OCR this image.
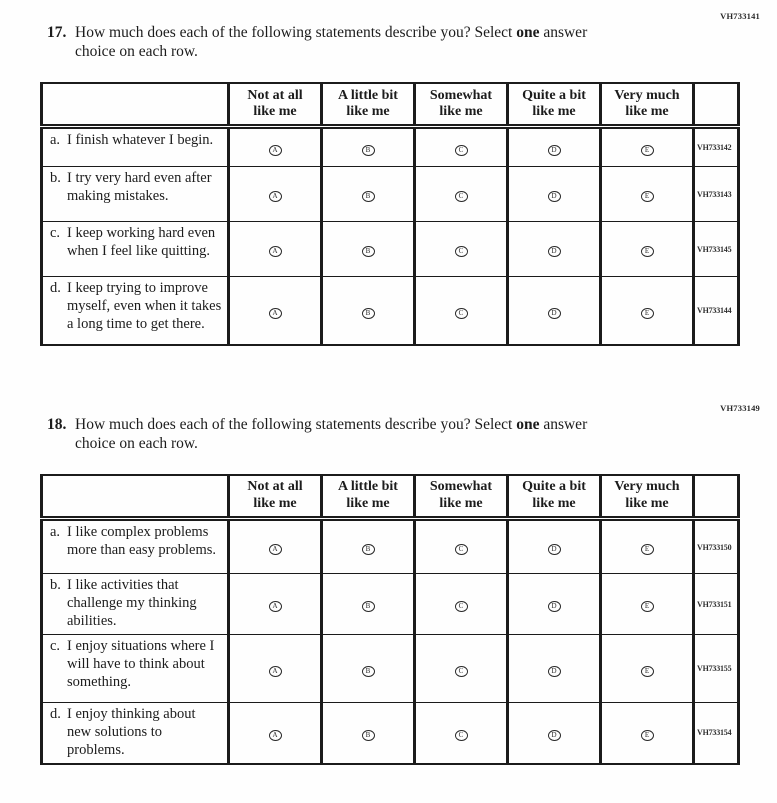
VH733141
17. How much does each of the following statements describe you? Select one answer
choice on each row.
	Not at all
like me	A little bit
like me	Somewhat
like me	Quite a bit
like me	Very much
like me	

a. I finish whatever I begin.	A	B	C	D	E	VH733142

b. I try very hard even after making mistakes.	A	B	C	D	E	VH733143

c. I keep working hard even when I feel like quitting.	A	B	C	D	E	VH733145

d. I keep trying to improve myself, even when it takes a long time to get there.	A	B	C	D	E	VH733144
VH733149
18. How much does each of the following statements describe you? Select one answer
choice on each row.
	Not at all
like me	A little bit
like me	Somewhat
like me	Quite a bit
like me	Very much
like me	

a. I like complex problems more than easy problems.	A	B	C	D	E	VH733150

b. I like activities that challenge my thinking abilities.	A	B	C	D	E	VH733151

c. I enjoy situations where I will have to think about something.	A	B	C	D	E	VH733155

d. I enjoy thinking about new solutions to problems.	A	B	C	D	E	VH733154
